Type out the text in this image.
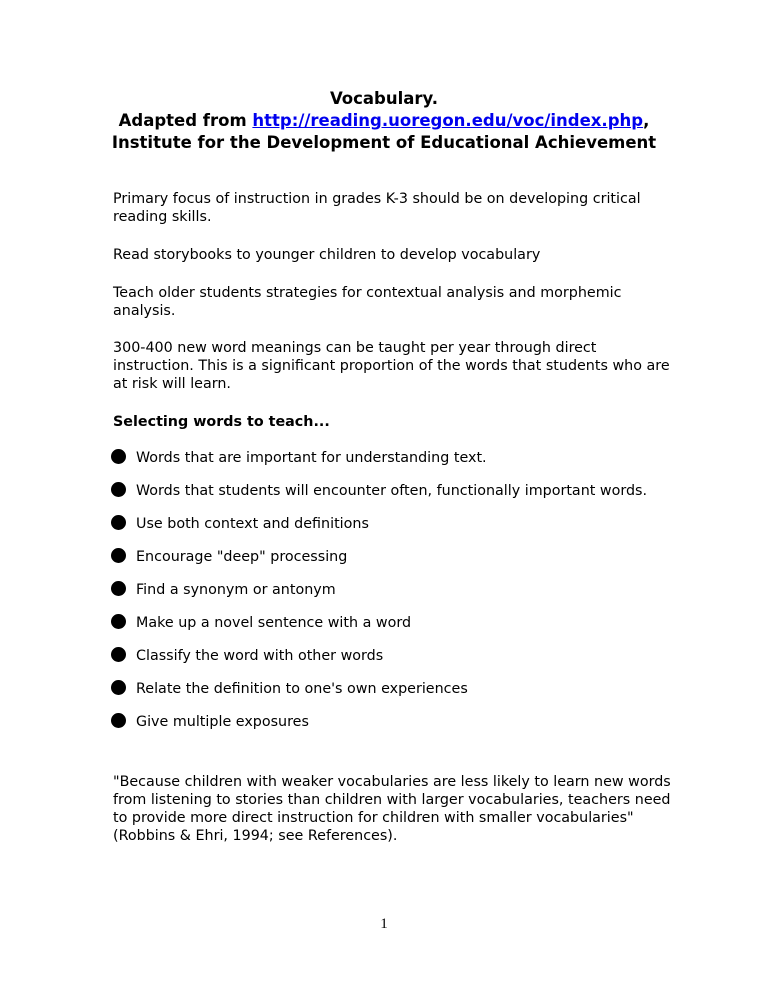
Vocabulary.
Adapted from http://reading.uoregon.edu/voc/index.php,
Institute for the Development of Educational Achievement
Primary focus of instruction in grades K-3 should be on developing critical reading skills.
Read storybooks to younger children to develop vocabulary
Teach older students strategies for contextual analysis and morphemic analysis.
300-400 new word meanings can be taught per year through direct instruction. This is a significant proportion of the words that students who are at risk will learn.
Selecting words to teach...
Words that are important for understanding text.
Words that students will encounter often, functionally important words.
Use both context and definitions
Encourage "deep" processing
Find a synonym or antonym
Make up a novel sentence with a word
Classify the word with other words
Relate the definition to one's own experiences
Give multiple exposures
"Because children with weaker vocabularies are less likely to learn new words from listening to stories than children with larger vocabularies, teachers need to provide more direct instruction for children with smaller vocabularies" (Robbins & Ehri, 1994; see References).
1
